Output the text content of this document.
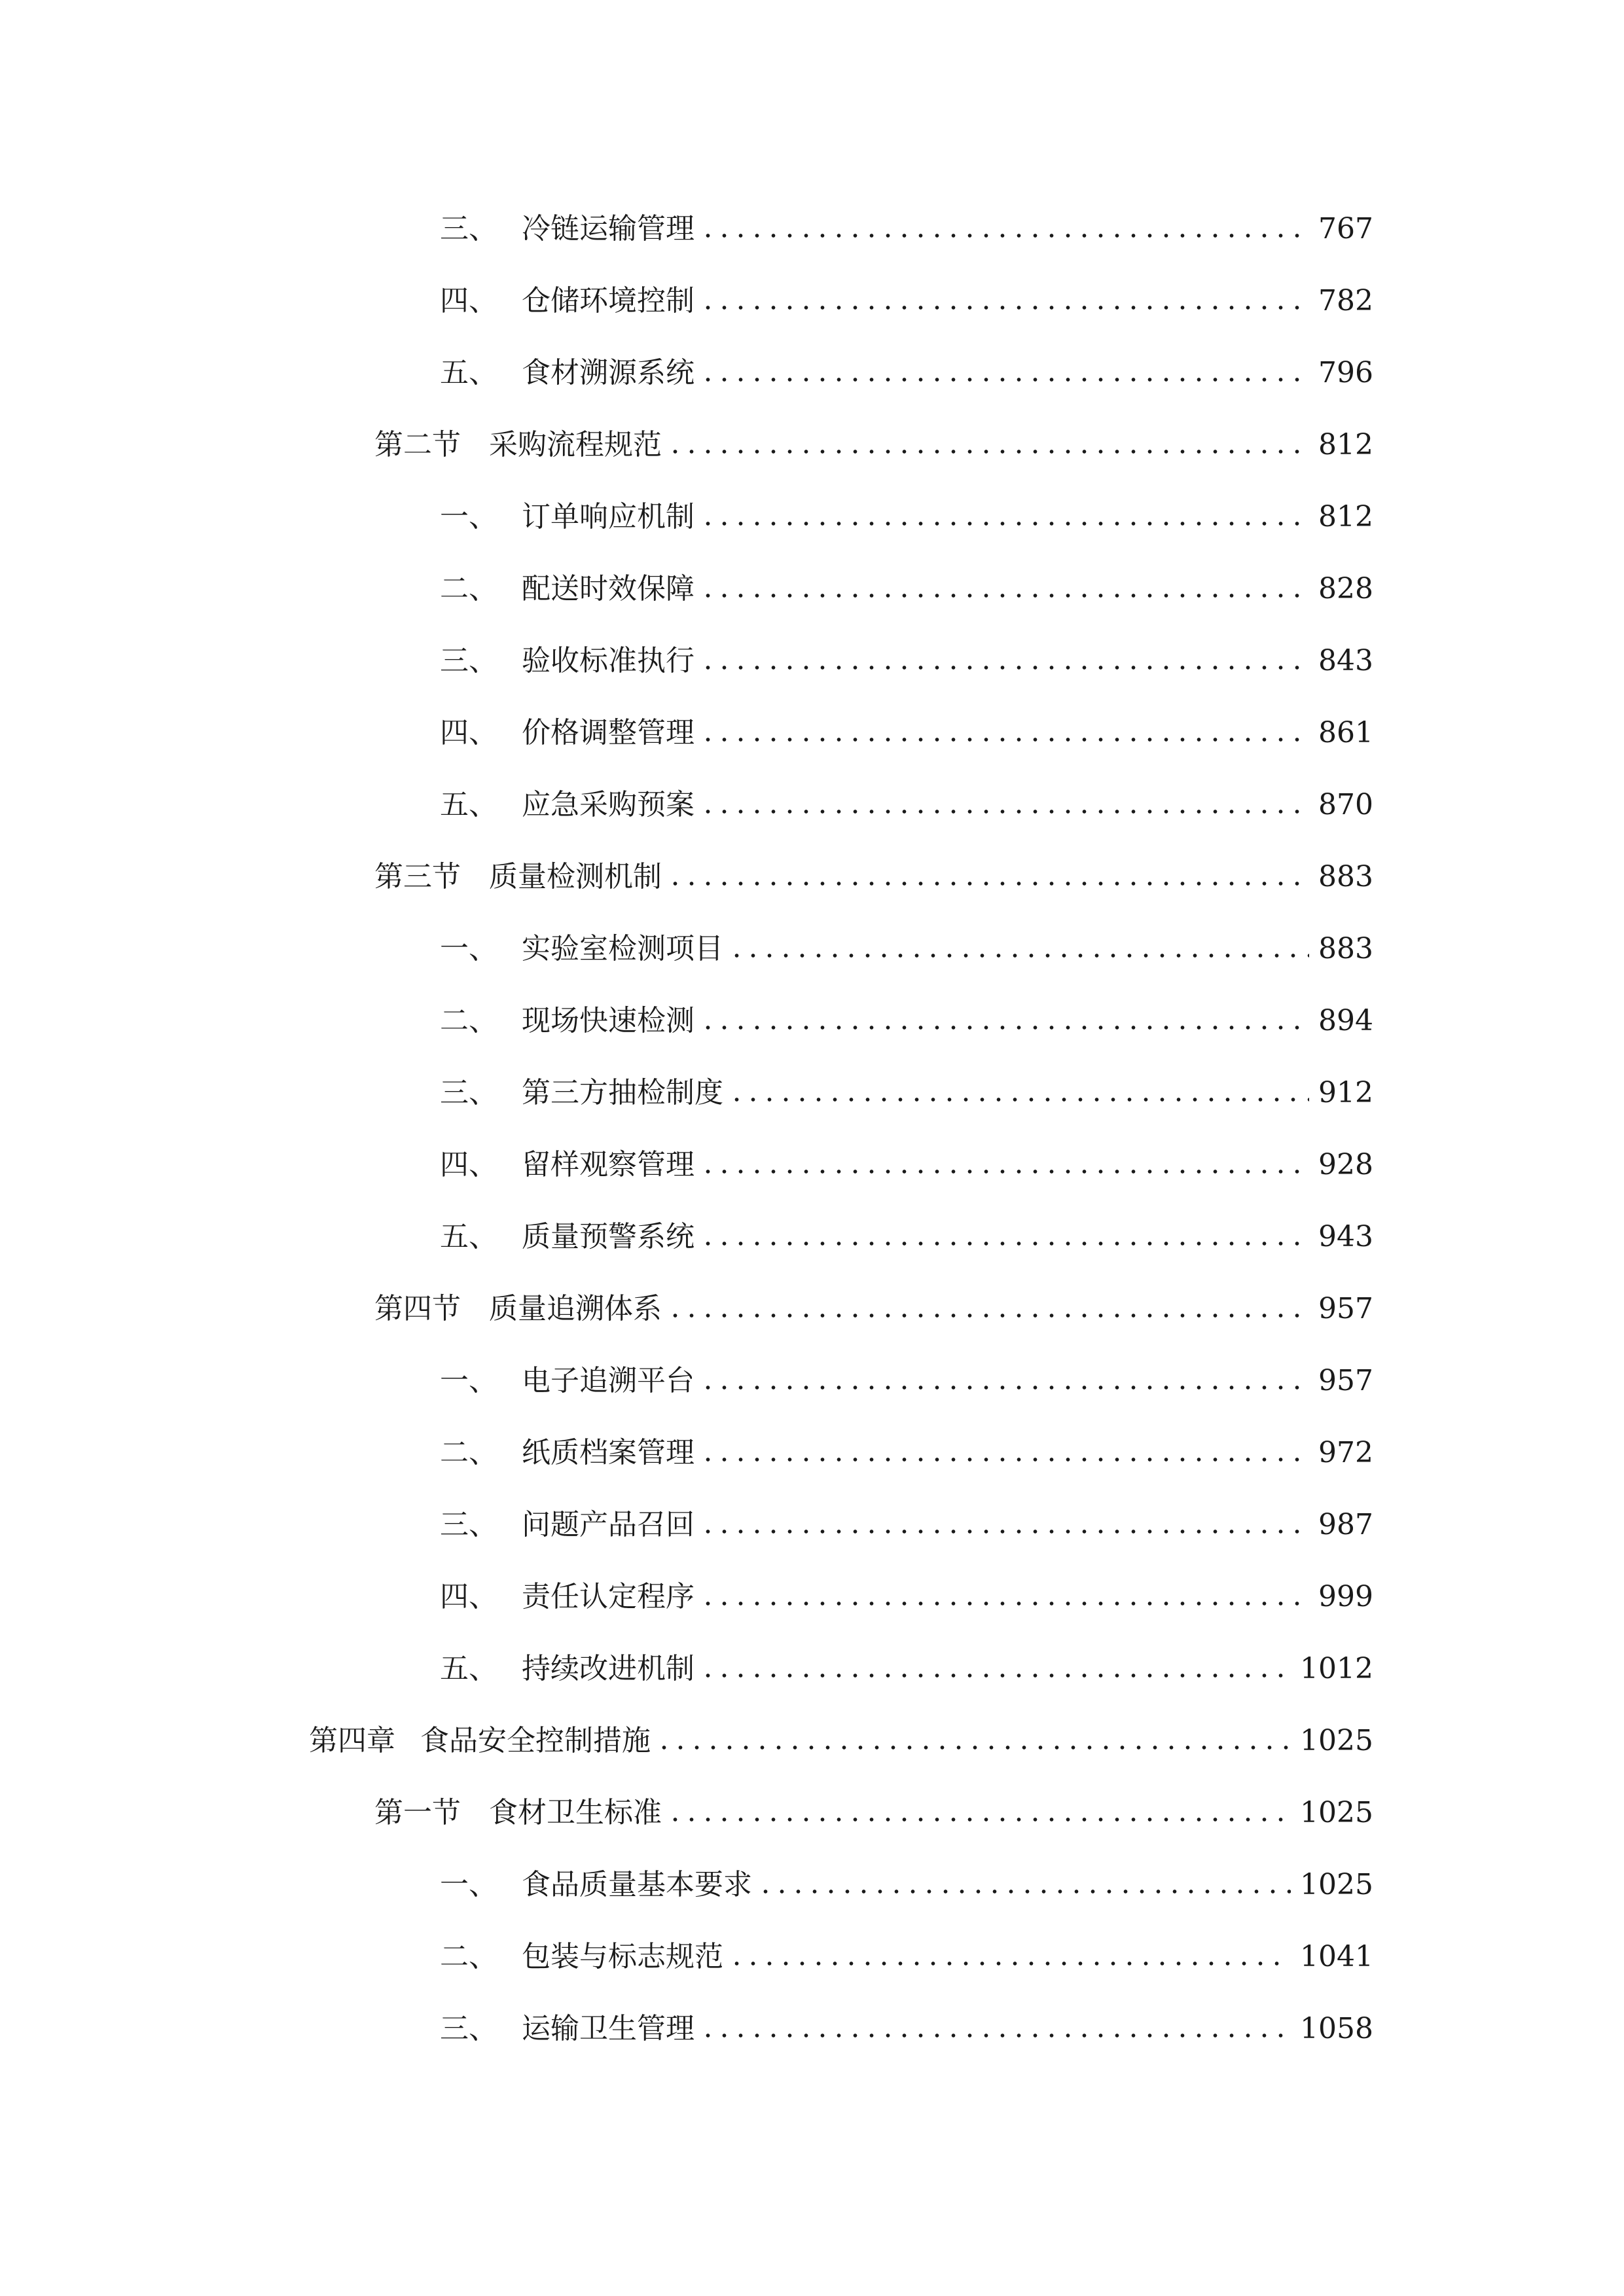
三、 冷链运输管理	767
四、 仓储环境控制	782
五、 食材溯源系统	796
第二节 采购流程规范	812
一、 订单响应机制	812
二、 配送时效保障	828
三、 验收标准执行	843
四、 价格调整管理	861
五、 应急采购预案	870
第三节 质量检测机制	883
一、 实验室检测项目	883
二、 现场快速检测	894
三、 第三方抽检制度	912
四、 留样观察管理	928
五、 质量预警系统	943
第四节 质量追溯体系	957
一、 电子追溯平台	957
二、 纸质档案管理	972
三、 问题产品召回	987
四、 责任认定程序	999
五、 持续改进机制	1012
第四章 食品安全控制措施	1025
第一节 食材卫生标准	1025
一、 食品质量基本要求	1025
二、 包装与标志规范	1041
三、 运输卫生管理	1058
